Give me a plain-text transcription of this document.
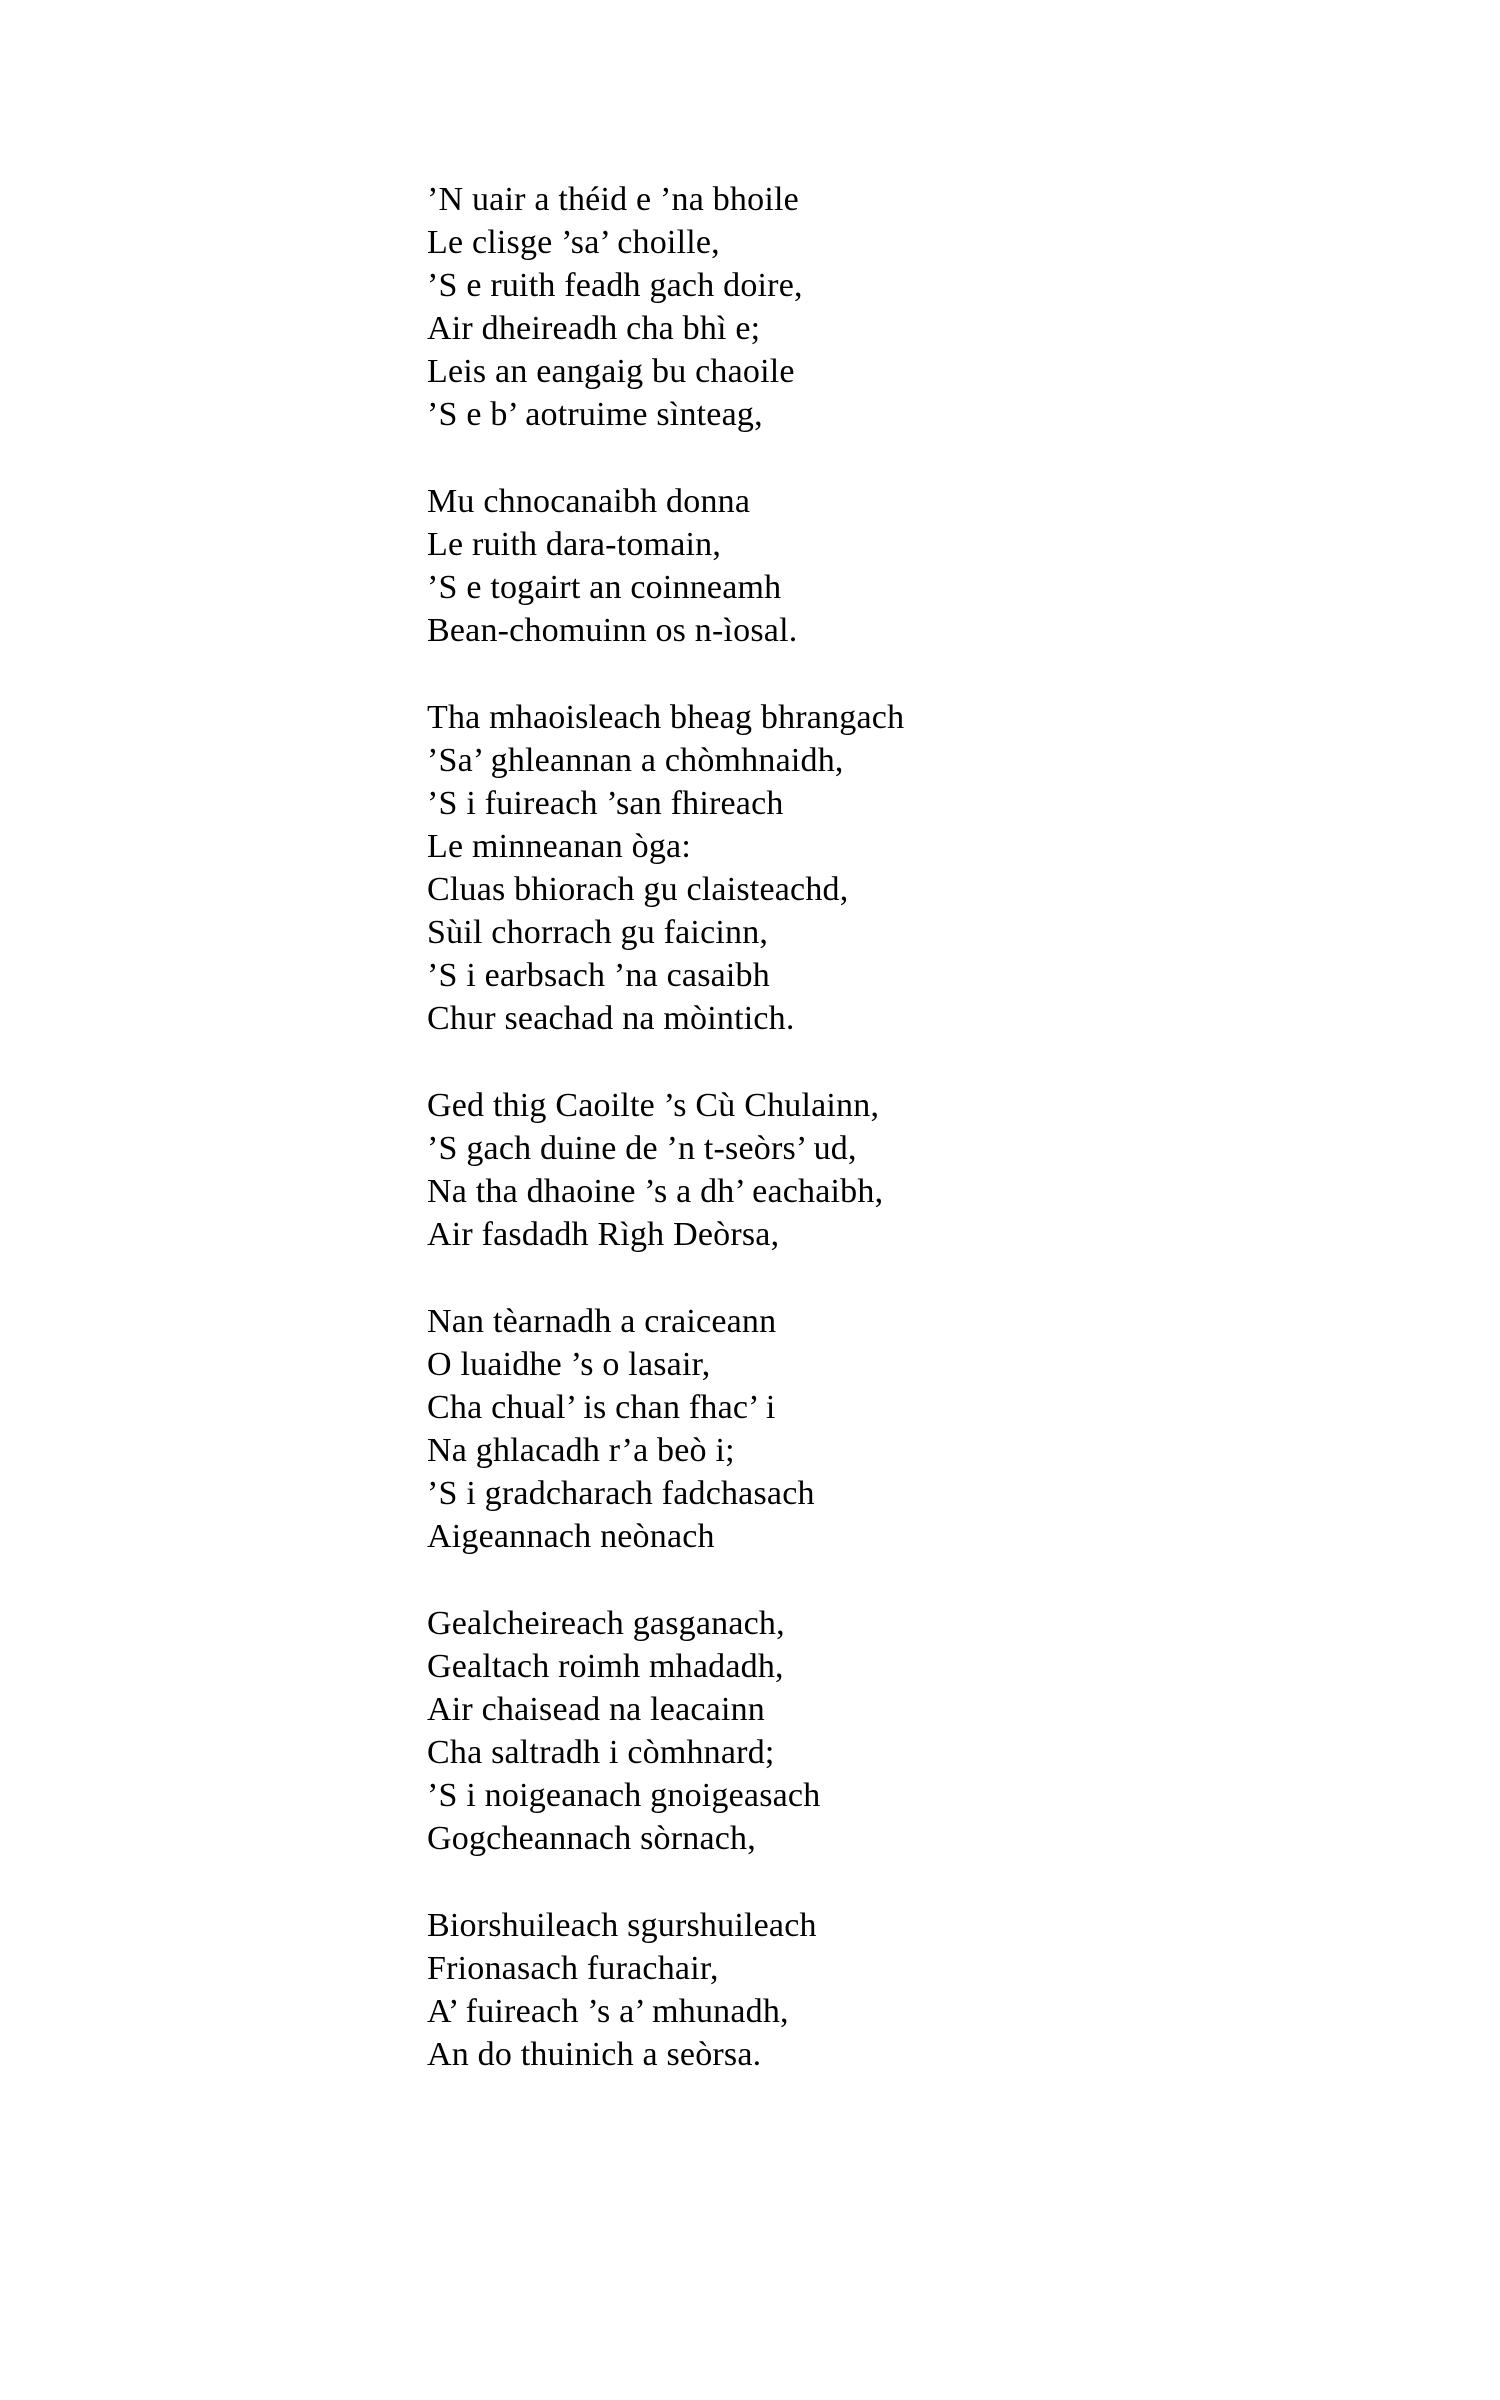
’N uair a théid e ’na bhoile
Le clisge ’sa’ choille,
’S e ruith feadh gach doire,
Air dheireadh cha bhì e;
Leis an eangaig bu chaoile
’S e b’ aotruime sìnteag,
Mu chnocanaibh donna
Le ruith dara-tomain,
’S e togairt an coinneamh
Bean-chomuinn os n-ìosal.
Tha mhaoisleach bheag bhrangach
’Sa’ ghleannan a chòmhnaidh,
’S i fuireach ’san fhireach
Le minneanan òga:
Cluas bhiorach gu claisteachd,
Sùil chorrach gu faicinn,
’S i earbsach ’na casaibh
Chur seachad na mòintich.
Ged thig Caoilte ’s Cù Chulainn,
’S gach duine de ’n t-seòrs’ ud,
Na tha dhaoine ’s a dh’ eachaibh,
Air fasdadh Rìgh Deòrsa,
Nan tèarnadh a craiceann
O luaidhe ’s o lasair,
Cha chual’ is chan fhac’ i
Na ghlacadh r’a beò i;
’S i gradcharach fadchasach
Aigeannach neònach
Gealcheireach gasganach,
Gealtach roimh mhadadh,
Air chaisead na leacainn
Cha saltradh i còmhnard;
’S i noigeanach gnoigeasach
Gogcheannach sòrnach,
Biorshuileach sgurshuileach
Frionasach furachair,
A’ fuireach ’s a’ mhunadh,
An do thuinich a seòrsa.
